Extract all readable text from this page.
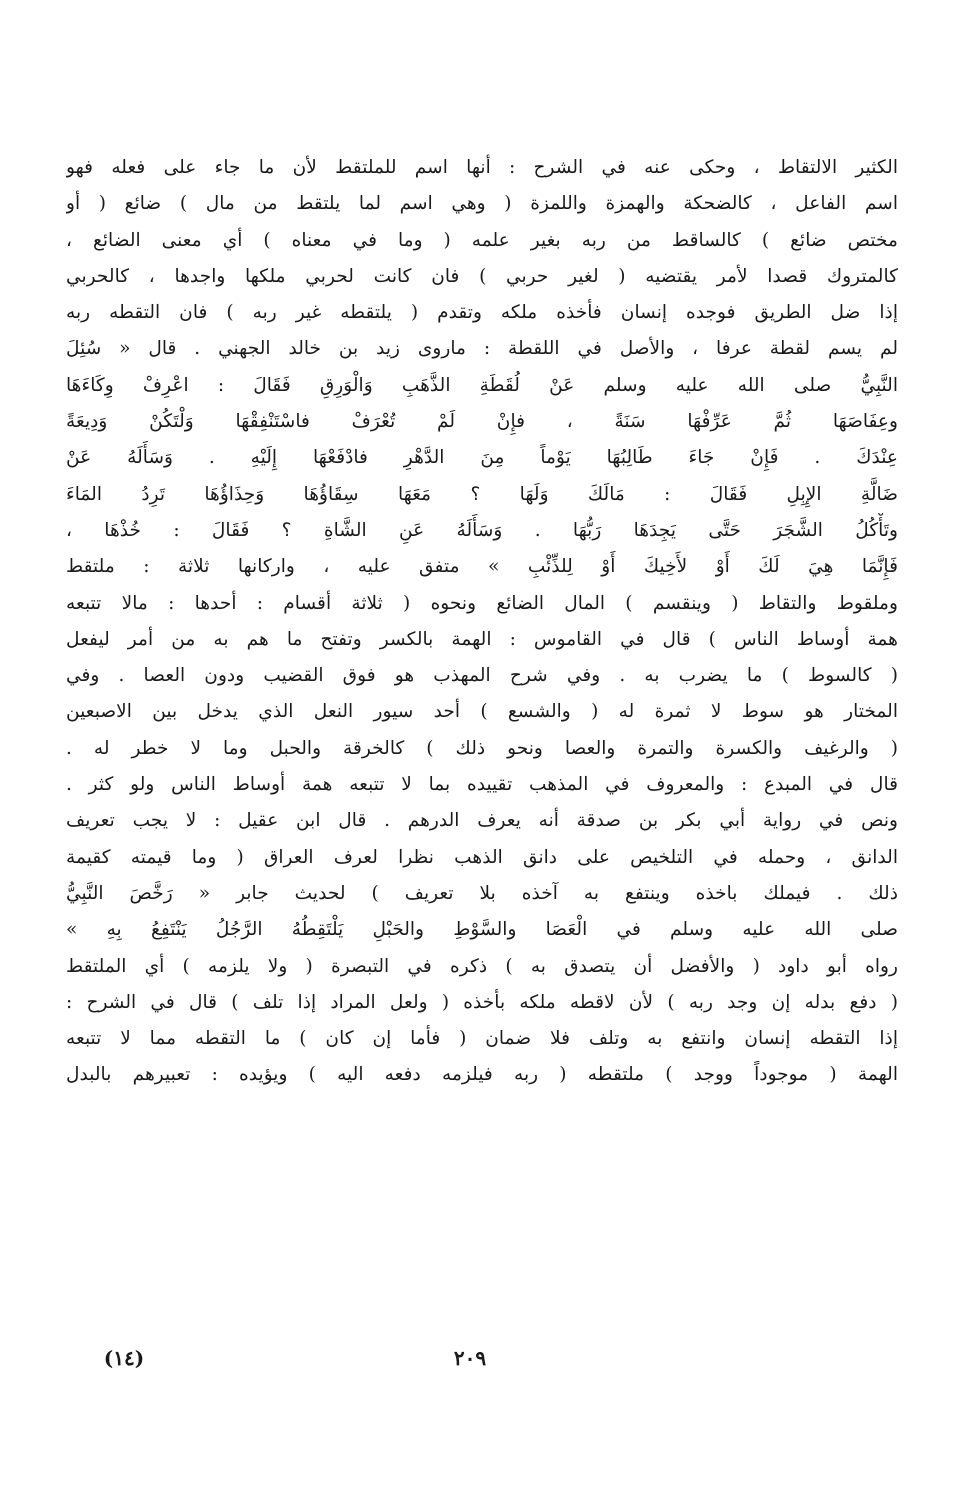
الكثير الالتقاط ، وحكى عنه في الشرح : أنها اسم للملتقط لأن ما جاء على فعله فهو
اسم الفاعل ، كالضحكة والهمزة واللمزة ( وهي اسم لما يلتقط من مال ) ضائع ( أو
مختص ضائع ) كالساقط من ربه بغير علمه ( وما في معناه ) أي معنى الضائع ،
كالمتروك قصدا لأمر يقتضيه ( لغير حربي ) فان كانت لحربي ملكها واجدها ، كالحربي
إذا ضل الطريق فوجده إنسان فأخذه ملكه وتقدم ( يلتقطه غير ربه ) فان التقطه ربه
لم يسم لقطة عرفا ، والأصل في اللقطة : ماروى زيد بن خالد الجهني . قال « سُئِلَ
النَّبِيُّ صلى الله عليه وسلم عَنْ لُقَطَةِ الذَّهَبِ وَالْوَرِقِ فَقَالَ : اعْرِفْ وِكَاءَهَا
وعِفَاصَهَا ثُمَّ عَرِّفْهَا سَنَةً ، فإِنْ لَمْ تُعْرَفْ فاسْتَنْفِقْهَا وَلْتَكُنْ وَدِيعَةً
عِنْدَكَ . فَإِنْ جَاءَ طَالِبُهَا يَوْماً مِنَ الدَّهْرِ فادْفَعْهَا إِلَيْهِ . وَسَأَلَهُ عَنْ
ضَالَّةِ الإِبِلِ فَقَالَ : مَالَكَ وَلَهَا ؟ مَعَهَا سِقَاؤُهَا وَحِذَاؤُهَا تَرِدُ المَاءَ
وتَأْكُلُ الشَّجَرَ حَتَّى يَجِدَهَا رَبُّهَا . وَسَأَلَهُ عَنِ الشَّاةِ ؟ فَقَالَ : خُذْهَا ،
فَإِنَّمَا هِيَ لَكَ أَوْ لأَخِيكَ أَوْ لِلذِّئْبِ » متفق عليه ، واركانها ثلاثة : ملتقط
وملقوط والتقاط ( وينقسم ) المال الضائع ونحوه ( ثلاثة أقسام : أحدها : مالا تتبعه
همة أوساط الناس ) قال في القاموس : الهمة بالكسر وتفتح ما هم به من أمر ليفعل
( كالسوط ) ما يضرب به . وفي شرح المهذب هو فوق القضيب ودون العصا . وفي
المختار هو سوط لا ثمرة له ( والشسع ) أحد سيور النعل الذي يدخل بين الاصبعين
( والرغيف والكسرة والتمرة والعصا ونحو ذلك ) كالخرقة والحبل وما لا خطر له .
قال في المبدع : والمعروف في المذهب تقييده بما لا تتبعه همة أوساط الناس ولو كثر .
ونص في رواية أبي بكر بن صدقة أنه يعرف الدرهم . قال ابن عقيل : لا يجب تعريف
الدانق ، وحمله في التلخيص على دانق الذهب نظرا لعرف العراق ( وما قيمته كقيمة
ذلك . فيملك باخذه وينتفع به آخذه بلا تعريف ) لحديث جابر « رَخَّصَ النَّبِيُّ
صلى الله عليه وسلم في الْعَصَا والسَّوْطِ والحَبْلِ يَلْتَقِطُهُ الرَّجُلُ يَنْتَفِعُ بِهِ »
رواه أبو داود ( والأفضل أن يتصدق به ) ذكره في التبصرة ( ولا يلزمه ) أي الملتقط
( دفع بدله إن وجد ربه ) لأن لاقطه ملكه بأخذه ( ولعل المراد إذا تلف ) قال في الشرح :
إذا التقطه إنسان وانتفع به وتلف فلا ضمان ( فأما إن كان ) ما التقطه مما لا تتبعه
الهمة ( موجوداً ووجد ) ملتقطه ( ربه فيلزمه دفعه اليه ) ويؤيده : تعبيرهم بالبدل
(١٤)	٢٠٩
